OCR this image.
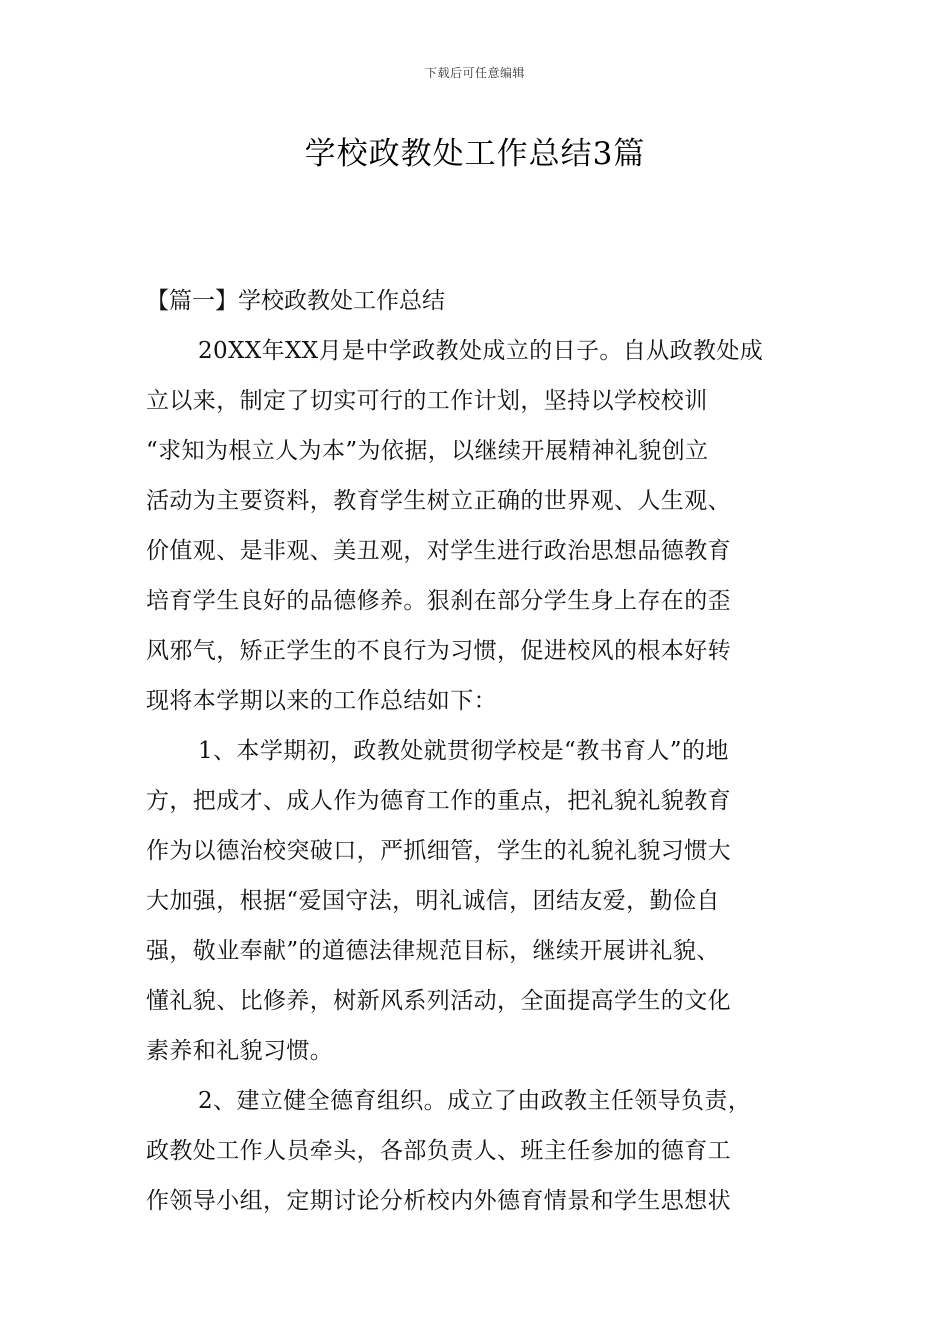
下载后可任意编辑
学校政教处工作总结3篇
【篇一】学校政教处工作总结
20XX年XX月是中学政教处成立的日子。自从政教处成
立以来，制定了切实可行的工作计划，坚持以学校校训
“求知为根立人为本”为依据，以继续开展精神礼貌创立
活动为主要资料，教育学生树立正确的世界观、人生观、
价值观、是非观、美丑观，对学生进行政治思想品德教育
培育学生良好的品德修养。狠刹在部分学生身上存在的歪
风邪气，矫正学生的不良行为习惯，促进校风的根本好转
现将本学期以来的工作总结如下：
1、本学期初，政教处就贯彻学校是“教书育人”的地
方，把成才、成人作为德育工作的重点，把礼貌礼貌教育
作为以德治校突破口，严抓细管，学生的礼貌礼貌习惯大
大加强，根据“爱国守法，明礼诚信，团结友爱，勤俭自
强，敬业奉献”的道德法律规范目标，继续开展讲礼貌、
懂礼貌、比修养，树新风系列活动，全面提高学生的文化
素养和礼貌习惯。
2、建立健全德育组织。成立了由政教主任领导负责，
政教处工作人员牵头，各部负责人、班主任参加的德育工
作领导小组，定期讨论分析校内外德育情景和学生思想状
